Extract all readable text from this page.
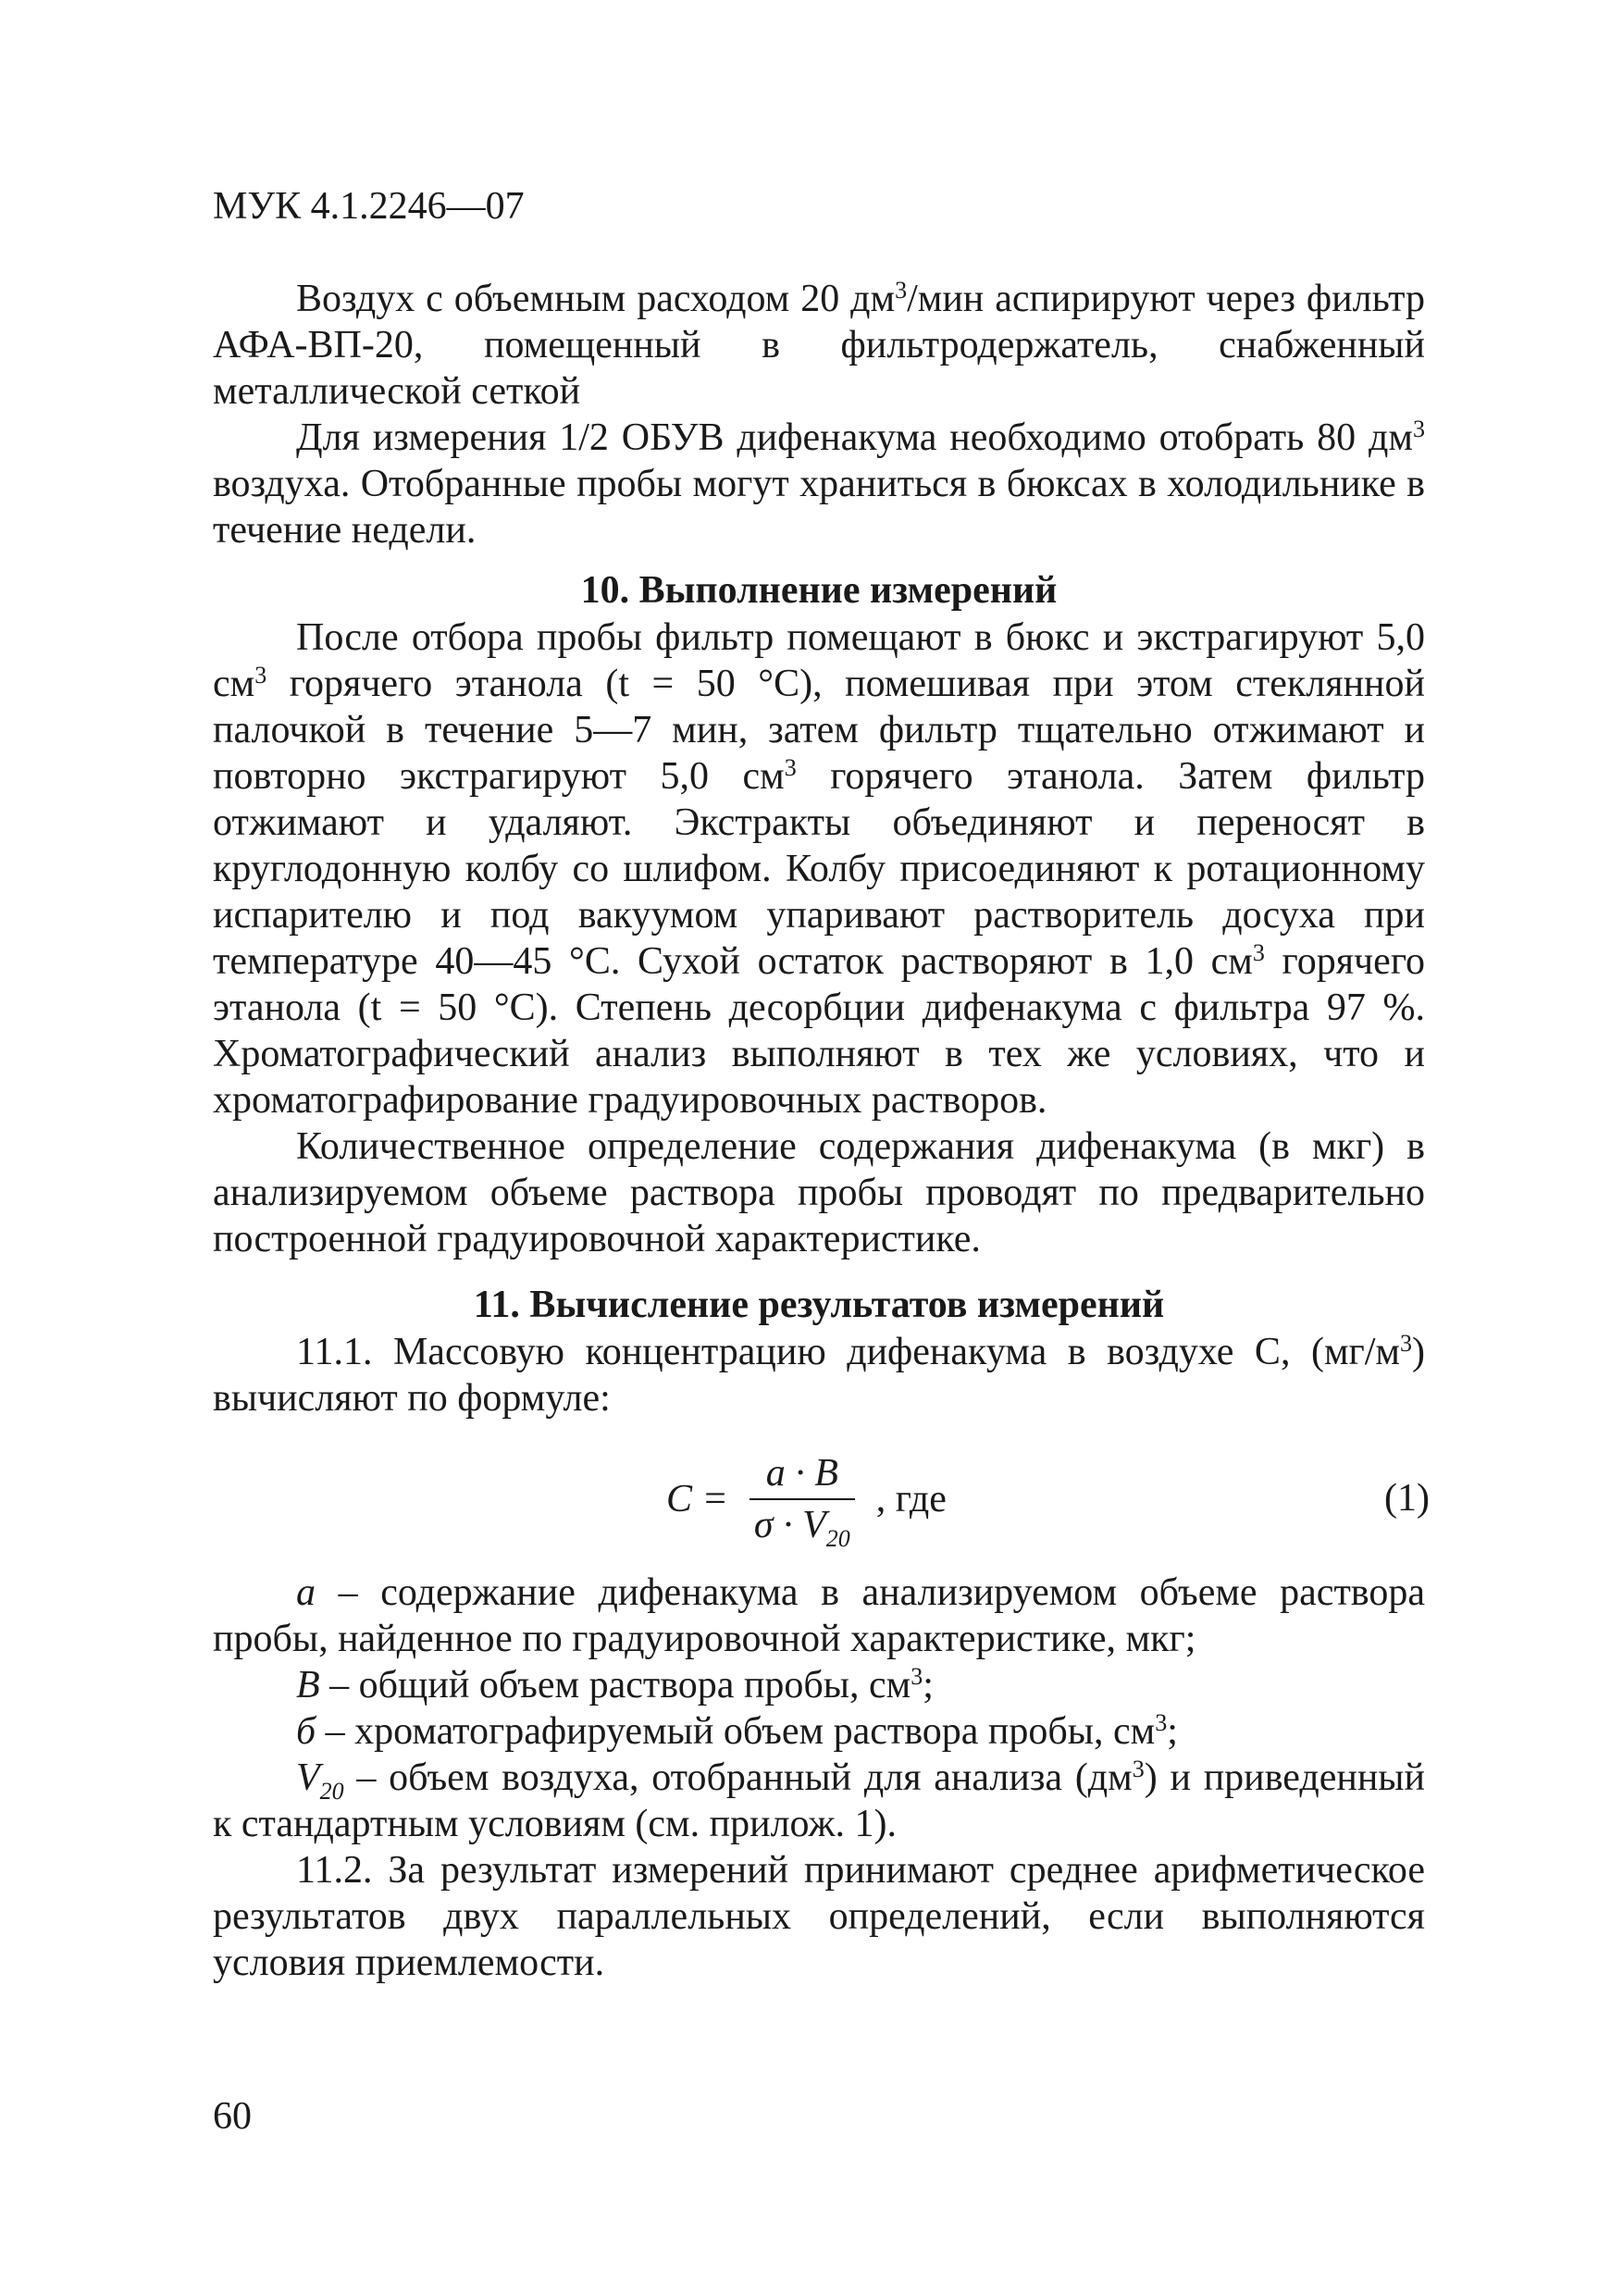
МУК 4.1.2246—07

Воздух с объемным расходом 20 $дм^3$/мин аспирируют через фильтр АФА-ВП-20, помещенный в фильтродержатель, снабженный металлической сеткой

Для измерения 1/2 ОБУВ дифенакума необходимо отобрать 80 $дм^3$ воздуха. Отобранные пробы могут храниться в бюксах в холодильнике в течение недели.

10. Выполнение измерений

После отбора пробы фильтр помещают в бюкс и экстрагируют 5,0 $см^3$ горячего этанола (t = 50 °C), помешивая при этом стеклянной палочкой в течение 5—7 мин, затем фильтр тщательно отжимают и повторно экстрагируют 5,0 $см^3$ горячего этанола. Затем фильтр отжимают и удаляют. Экстракты объединяют и переносят в круглодонную колбу со шлифом. Колбу присоединяют к ротационному испарителю и под вакуумом упаривают растворитель досуха при температуре 40—45 °C. Сухой остаток растворяют в 1,0 $см^3$ горячего этанола (t = 50 °C). Степень десорбции дифенакума с фильтра 97 %. Хроматографический анализ выполняют в тех же условиях, что и хроматографирование градуировочных растворов.

Количественное определение содержания дифенакума (в мкг) в анализируемом объеме раствора пробы проводят по предварительно построенной градуировочной характеристике.

11. Вычисление результатов измерений

11.1. Массовую концентрацию дифенакума в воздухе С, $(мг/м^3)$ вычисляют по формуле:

$C = \frac{a \cdot B}{\sigma \cdot V_{20}}$ , где	(1)

a – содержание дифенакума в анализируемом объеме раствора пробы, найденное по градуировочной характеристике, мкг;

B – общий объем раствора пробы, $см^3$;

б – хроматографируемый объем раствора пробы, $см^3$;

$V_{20}$ – объем воздуха, отобранный для анализа $(дм^3)$ и приведенный к стандартным условиям (см. прилож. 1).

11.2. За результат измерений принимают среднее арифметическое результатов двух параллельных определений, если выполняются условия приемлемости.

60
